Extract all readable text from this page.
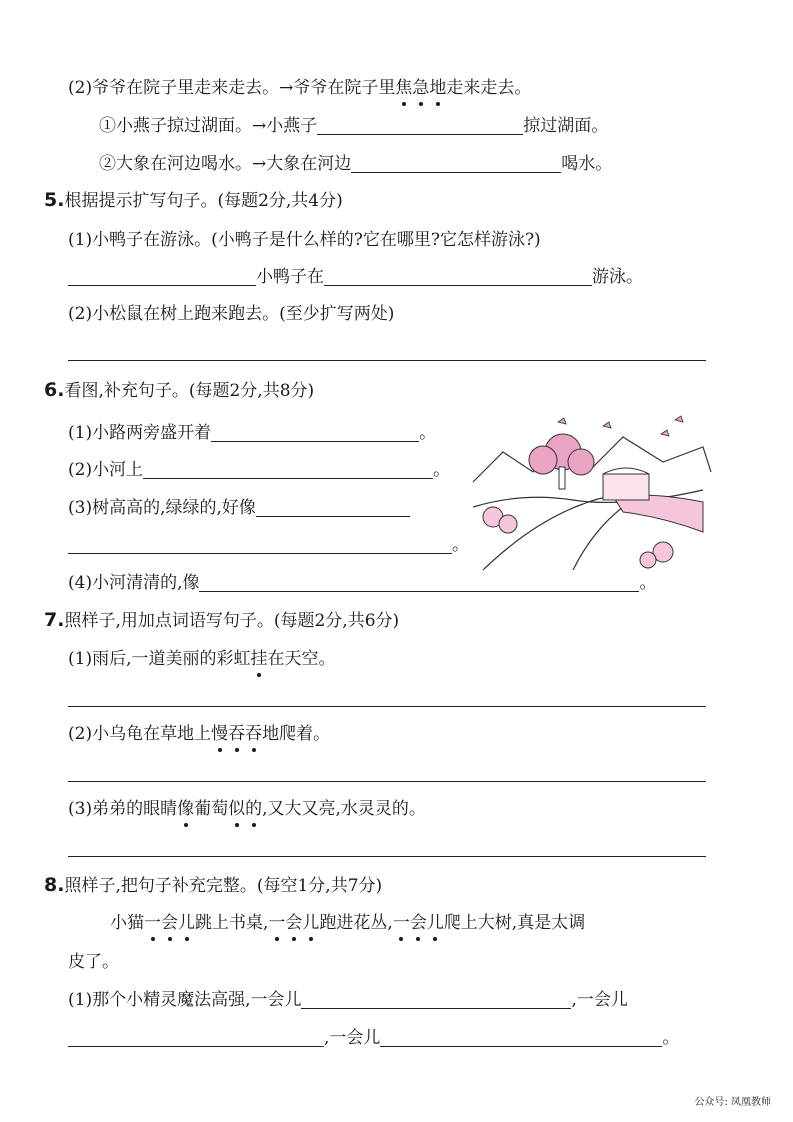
(2)爷爷在院子里走来走去。→爷爷在院子里焦急地走来走去。
①小燕子掠过湖面。→小燕子	掠过湖面。
②大象在河边喝水。→大象在河边	喝水。
5.根据提示扩写句子。(每题2分,共4分)
(1)小鸭子在游泳。(小鸭子是什么样的?它在哪里?它怎样游泳?)
小鸭子在	游泳。
(2)小松鼠在树上跑来跑去。(至少扩写两处)
6.看图,补充句子。(每题2分,共8分)
(1)小路两旁盛开着	。
(2)小河上	。
(3)树高高的,绿绿的,好像
。
(4)小河清清的,像	。
7.照样子,用加点词语写句子。(每题2分,共6分)
(1)雨后,一道美丽的彩虹挂在天空。
(2)小乌龟在草地上慢吞吞地爬着。
(3)弟弟的眼睛像葡萄似的,又大又亮,水灵灵的。
8.照样子,把句子补充完整。(每空1分,共7分)
小猫一会儿跳上书桌,一会儿跑进花丛,一会儿爬上大树,真是太调
皮了。
(1)那个小精灵魔法高强,一会儿	,一会儿
,一会儿	。
公众号: 凤凰教师
